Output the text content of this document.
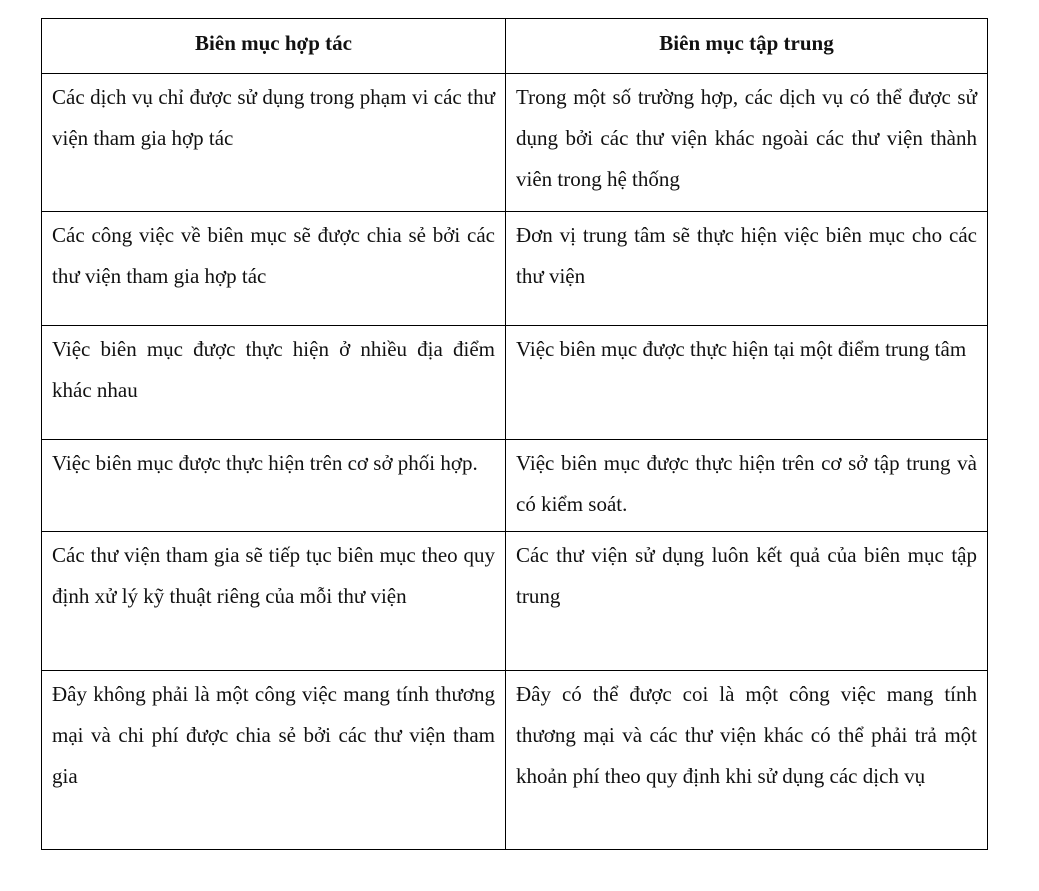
Biên mục hợp tác	Biên mục tập trung
Các dịch vụ chỉ được sử dụng trong phạm vi các thư viện tham gia hợp tác	Trong một số trường hợp, các dịch vụ có thể được sử dụng bởi các thư viện khác ngoài các thư viện thành viên trong hệ thống
Các công việc về biên mục sẽ được chia sẻ bởi các thư viện tham gia hợp tác	Đơn vị trung tâm sẽ thực hiện việc biên mục cho các thư viện
Việc biên mục được thực hiện ở nhiều địa điểm khác nhau	Việc biên mục được thực hiện tại một điểm trung tâm
Việc biên mục được thực hiện trên cơ sở phối hợp.	Việc biên mục được thực hiện trên cơ sở tập trung và có kiểm soát.
Các thư viện tham gia sẽ tiếp tục biên mục theo quy định xử lý kỹ thuật riêng của mỗi thư viện	Các thư viện sử dụng luôn kết quả của biên mục tập trung
Đây không phải là một công việc mang tính thương mại và chi phí được chia sẻ bởi các thư viện tham gia	Đây có thể được coi là một công việc mang tính thương mại và các thư viện khác có thể phải trả một khoản phí theo quy định khi sử dụng các dịch vụ
